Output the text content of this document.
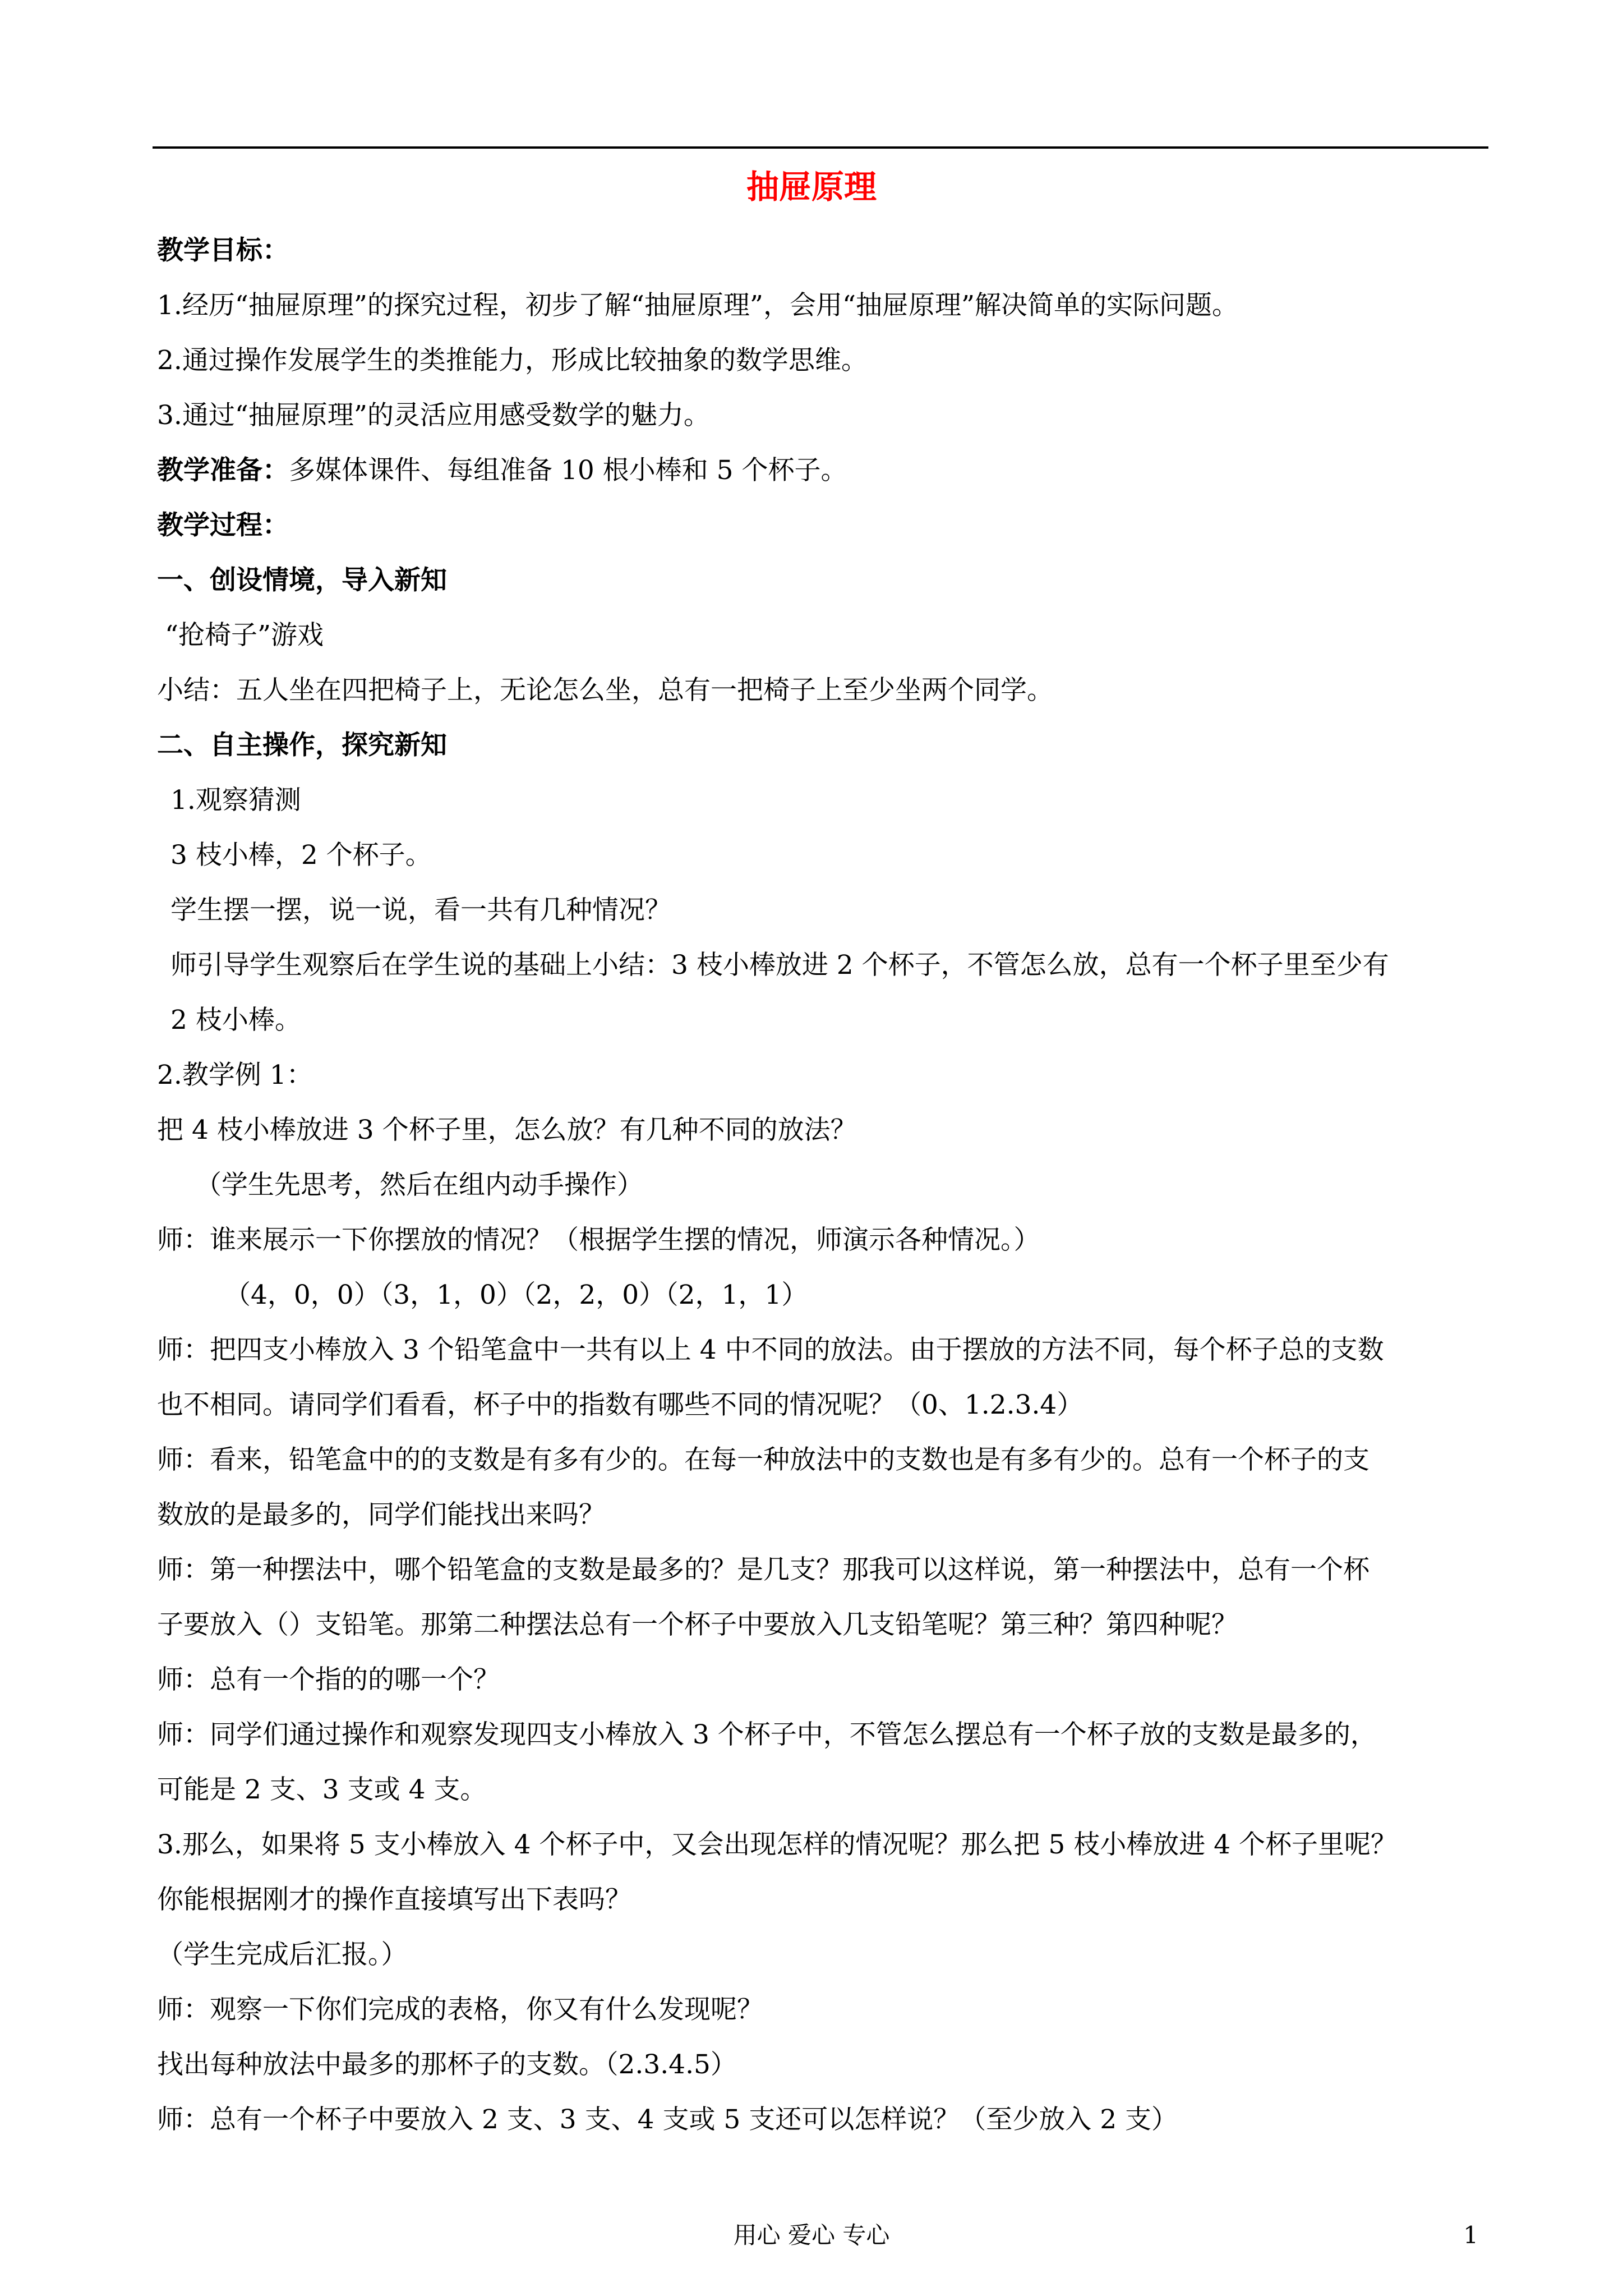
抽屉原理

教学目标：

1.经历“抽屉原理”的探究过程，初步了解“抽屉原理”，会用“抽屉原理”解决简单的实际问题。

2.通过操作发展学生的类推能力，形成比较抽象的数学思维。

3.通过“抽屉原理”的灵活应用感受数学的魅力。

教学准备：多媒体课件、每组准备 10 根小棒和 5 个杯子。

教学过程：

一、创设情境，导入新知

“抢椅子”游戏

小结：五人坐在四把椅子上，无论怎么坐，总有一把椅子上至少坐两个同学。

二、自主操作，探究新知

1.观察猜测

3 枝小棒，2 个杯子。

学生摆一摆，说一说，看一共有几种情况？

师引导学生观察后在学生说的基础上小结：3 枝小棒放进 2 个杯子，不管怎么放，总有一个杯子里至少有

2 枝小棒。

2.教学例 1：

把 4 枝小棒放进 3 个杯子里，怎么放？有几种不同的放法？

（学生先思考，然后在组内动手操作）

师：谁来展示一下你摆放的情况？（根据学生摆的情况，师演示各种情况。）

（4，0，0）（3，1，0）（2，2，0）（2，1，1）

师：把四支小棒放入 3 个铅笔盒中一共有以上 4 中不同的放法。由于摆放的方法不同，每个杯子总的支数

也不相同。请同学们看看，杯子中的指数有哪些不同的情况呢？（0、1.2.3.4）

师：看来，铅笔盒中的的支数是有多有少的。在每一种放法中的支数也是有多有少的。总有一个杯子的支

数放的是最多的，同学们能找出来吗？

师：第一种摆法中，哪个铅笔盒的支数是最多的？是几支？那我可以这样说，第一种摆法中，总有一个杯

子要放入（）支铅笔。那第二种摆法总有一个杯子中要放入几支铅笔呢？第三种？第四种呢？

师：总有一个指的的哪一个？

师：同学们通过操作和观察发现四支小棒放入 3 个杯子中，不管怎么摆总有一个杯子放的支数是最多的，

可能是 2 支、3 支或 4 支。

3.那么，如果将 5 支小棒放入 4 个杯子中，又会出现怎样的情况呢？那么把 5 枝小棒放进 4 个杯子里呢？

你能根据刚才的操作直接填写出下表吗？

（学生完成后汇报。）

师：观察一下你们完成的表格，你又有什么发现呢？

找出每种放法中最多的那杯子的支数。（2.3.4.5）

师：总有一个杯子中要放入 2 支、3 支、4 支或 5 支还可以怎样说？（至少放入 2 支）

用心 爱心 专心	1
